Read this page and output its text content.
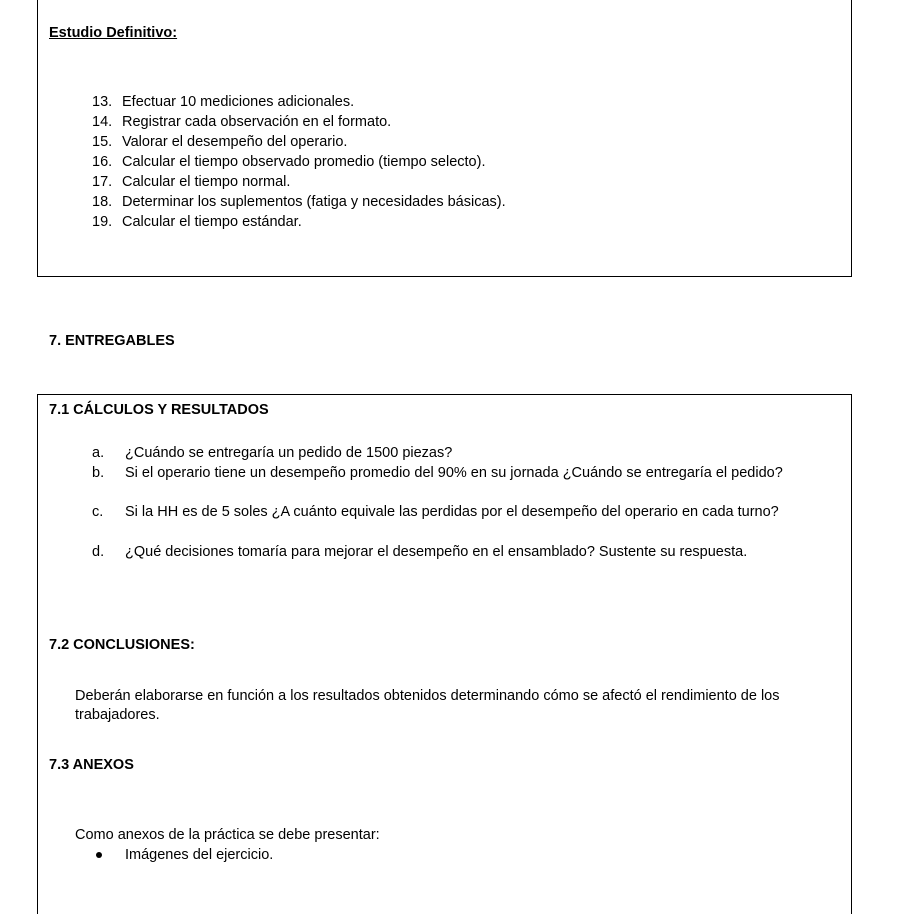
Estudio Definitivo:

13. Efectuar 10 mediciones adicionales.

14. Registrar cada observación en el formato.

15. Valorar el desempeño del operario.

16. Calcular el tiempo observado promedio (tiempo selecto).

17. Calcular el tiempo normal.

18. Determinar los suplementos (fatiga y necesidades básicas).

19. Calcular el tiempo estándar.

7. ENTREGABLES

7.1 CÁLCULOS Y RESULTADOS

a.	¿Cuándo se entregaría un pedido de 1500 piezas?

b.	Si el operario tiene un desempeño promedio del 90% en su jornada ¿Cuándo se entregaría el pedido?

c.	Si la HH es de 5 soles ¿A cuánto equivale las perdidas por el desempeño del operario en cada turno?

d.	¿Qué decisiones tomaría para mejorar el desempeño en el ensamblado? Sustente su respuesta.

7.2 CONCLUSIONES:

Deberán elaborarse en función a los resultados obtenidos determinando cómo se afectó el rendimiento de los trabajadores.

7.3 ANEXOS

Como anexos de la práctica se debe presentar:

Imágenes del ejercicio.
